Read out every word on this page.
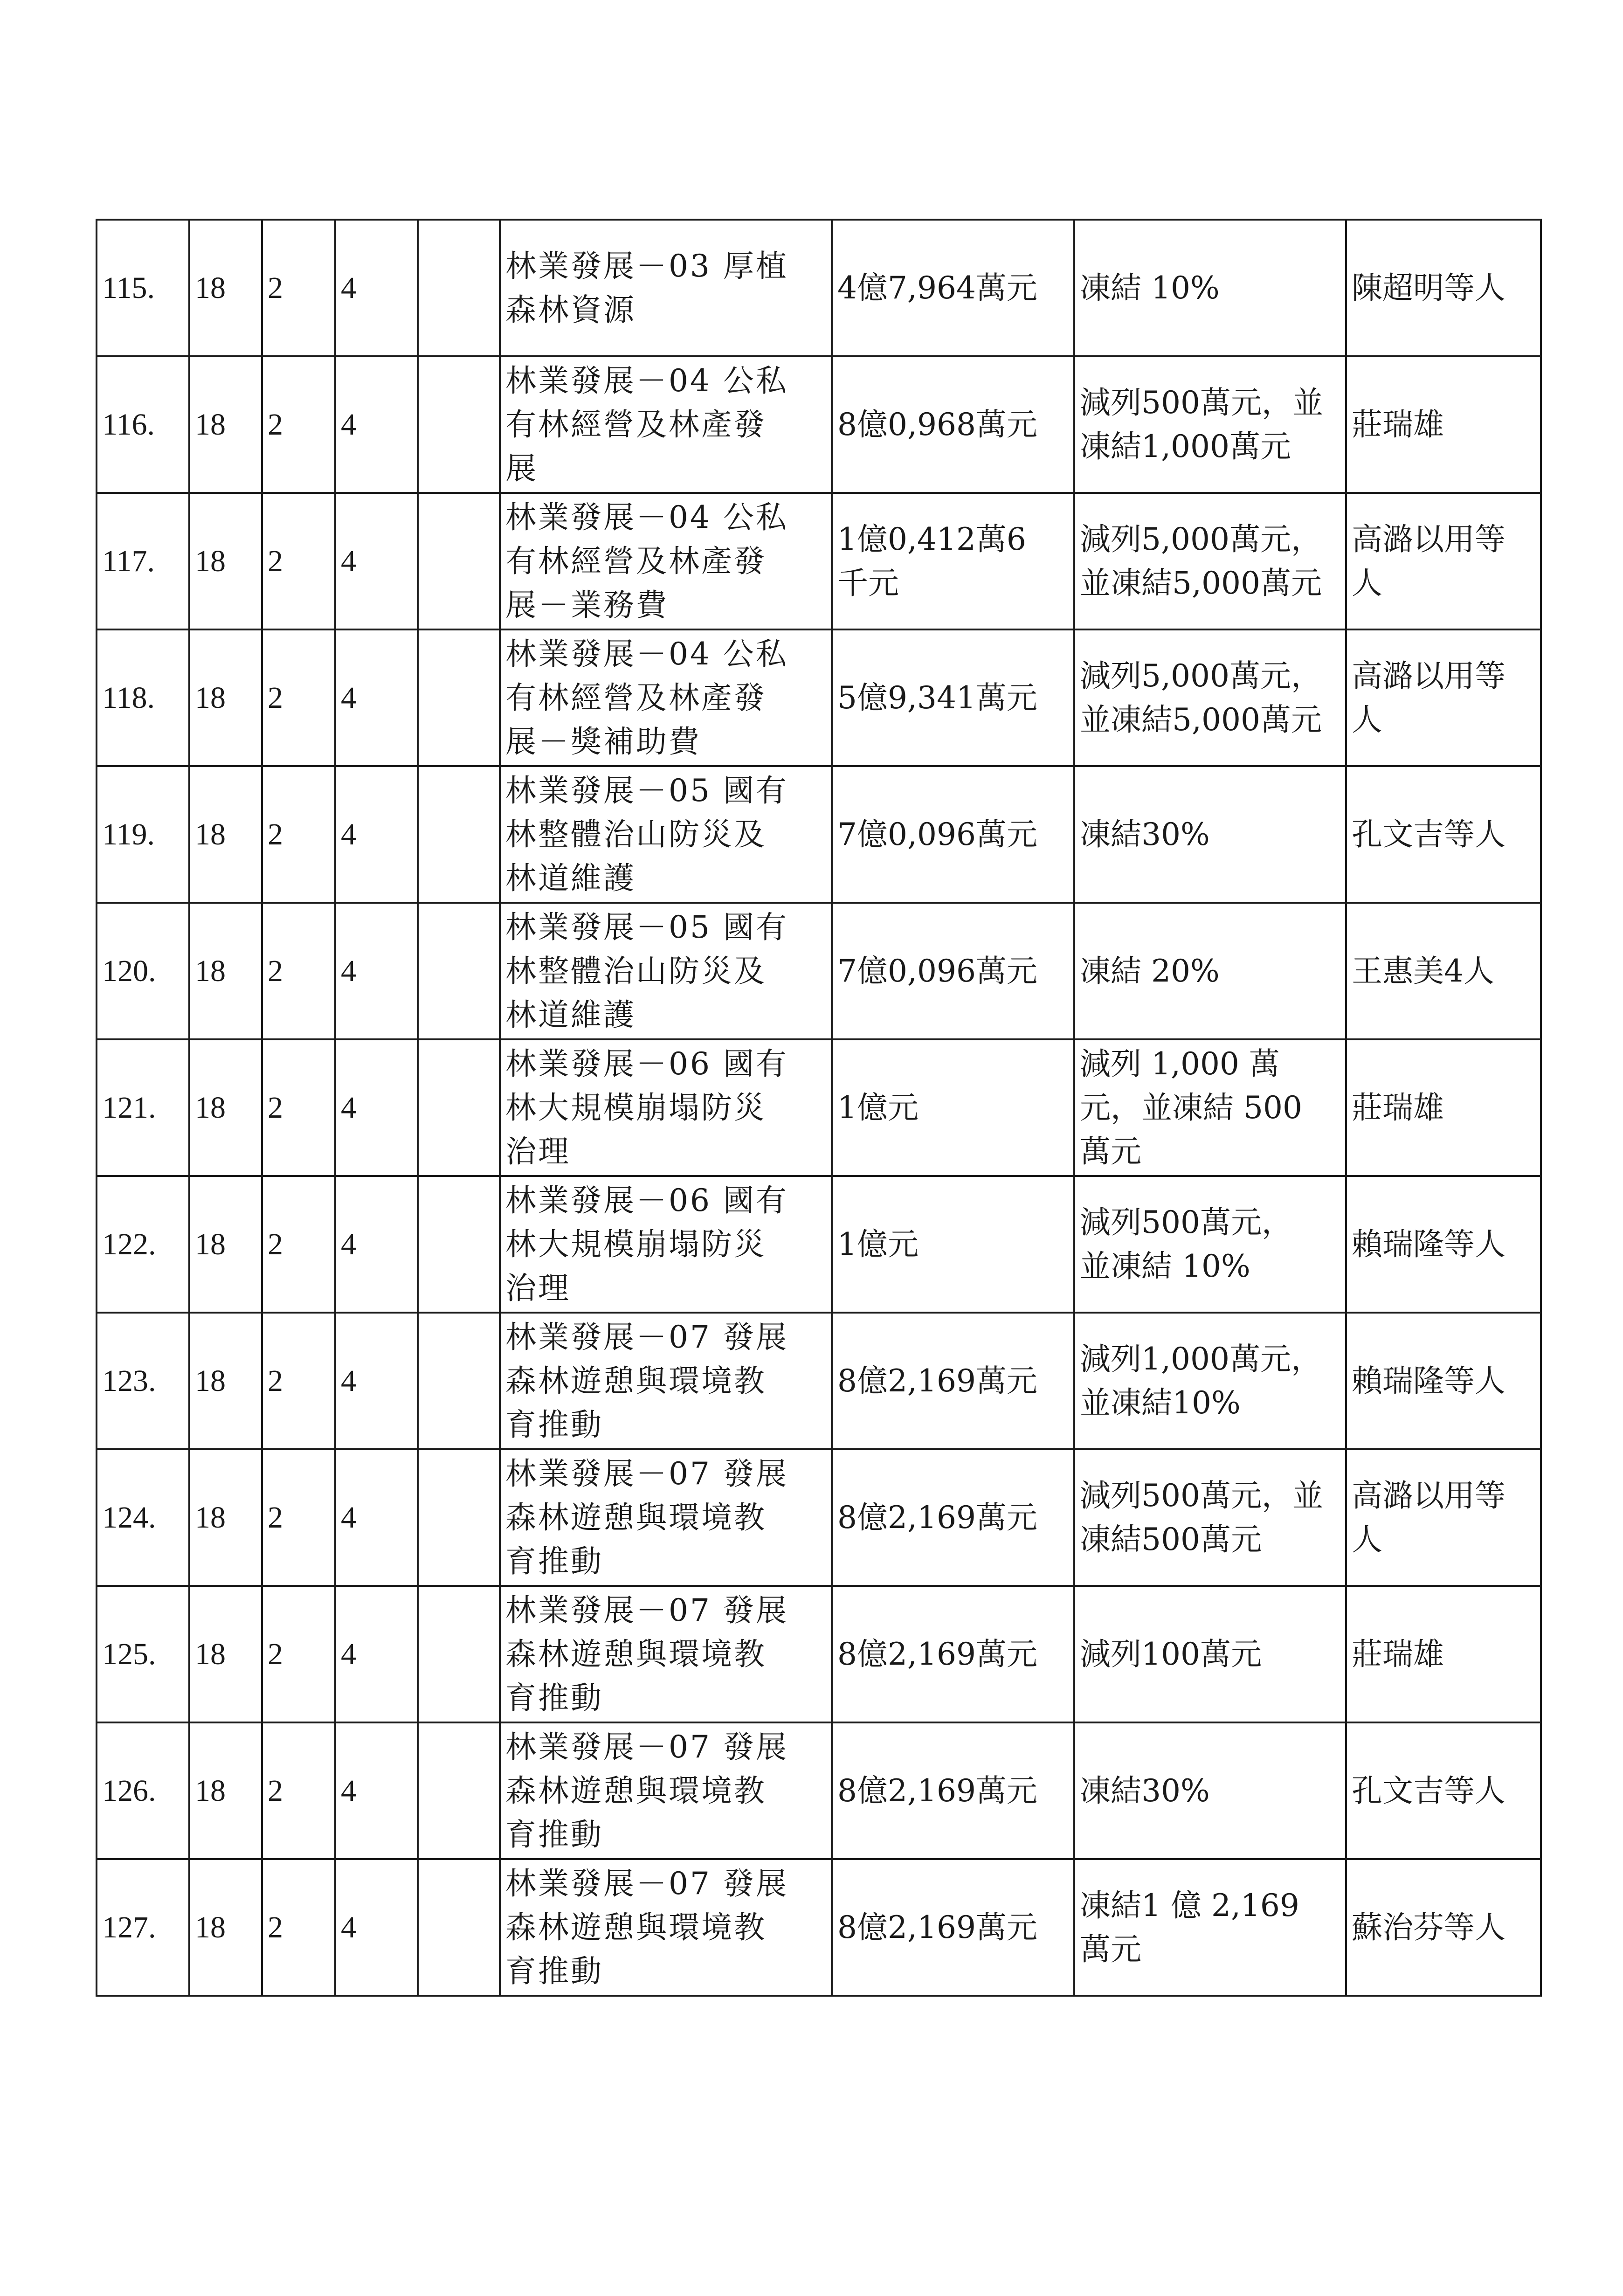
115.	18	2	4		林業發展－03 厚植
森林資源	4億7,964萬元	凍結 10%	陳超明等人

116.	18	2	4		林業發展－04 公私
有林經營及林產發
展	8億0,968萬元	減列500萬元，並
凍結1,000萬元	莊瑞雄

117.	18	2	4		林業發展－04 公私
有林經營及林產發
展－業務費	1億0,412萬6
千元	減列5,000萬元，
並凍結5,000萬元	高潞以用等
人

118.	18	2	4		林業發展－04 公私
有林經營及林產發
展－獎補助費	5億9,341萬元	減列5,000萬元，
並凍結5,000萬元	高潞以用等
人

119.	18	2	4		林業發展－05 國有
林整體治山防災及
林道維護	7億0,096萬元	凍結30%	孔文吉等人

120.	18	2	4		林業發展－05 國有
林整體治山防災及
林道維護	7億0,096萬元	凍結 20%	王惠美4人

121.	18	2	4		林業發展－06 國有
林大規模崩塌防災
治理	1億元	減列 1,000 萬
元，並凍結 500
萬元	莊瑞雄

122.	18	2	4		林業發展－06 國有
林大規模崩塌防災
治理	1億元	減列500萬元，
並凍結 10%	賴瑞隆等人

123.	18	2	4		林業發展－07 發展
森林遊憩與環境教
育推動	8億2,169萬元	減列1,000萬元，
並凍結10%	賴瑞隆等人

124.	18	2	4		林業發展－07 發展
森林遊憩與環境教
育推動	8億2,169萬元	減列500萬元，並
凍結500萬元	高潞以用等
人

125.	18	2	4		林業發展－07 發展
森林遊憩與環境教
育推動	8億2,169萬元	減列100萬元	莊瑞雄

126.	18	2	4		林業發展－07 發展
森林遊憩與環境教
育推動	8億2,169萬元	凍結30%	孔文吉等人

127.	18	2	4		林業發展－07 發展
森林遊憩與環境教
育推動	8億2,169萬元	凍結1 億 2,169
萬元	蘇治芬等人
